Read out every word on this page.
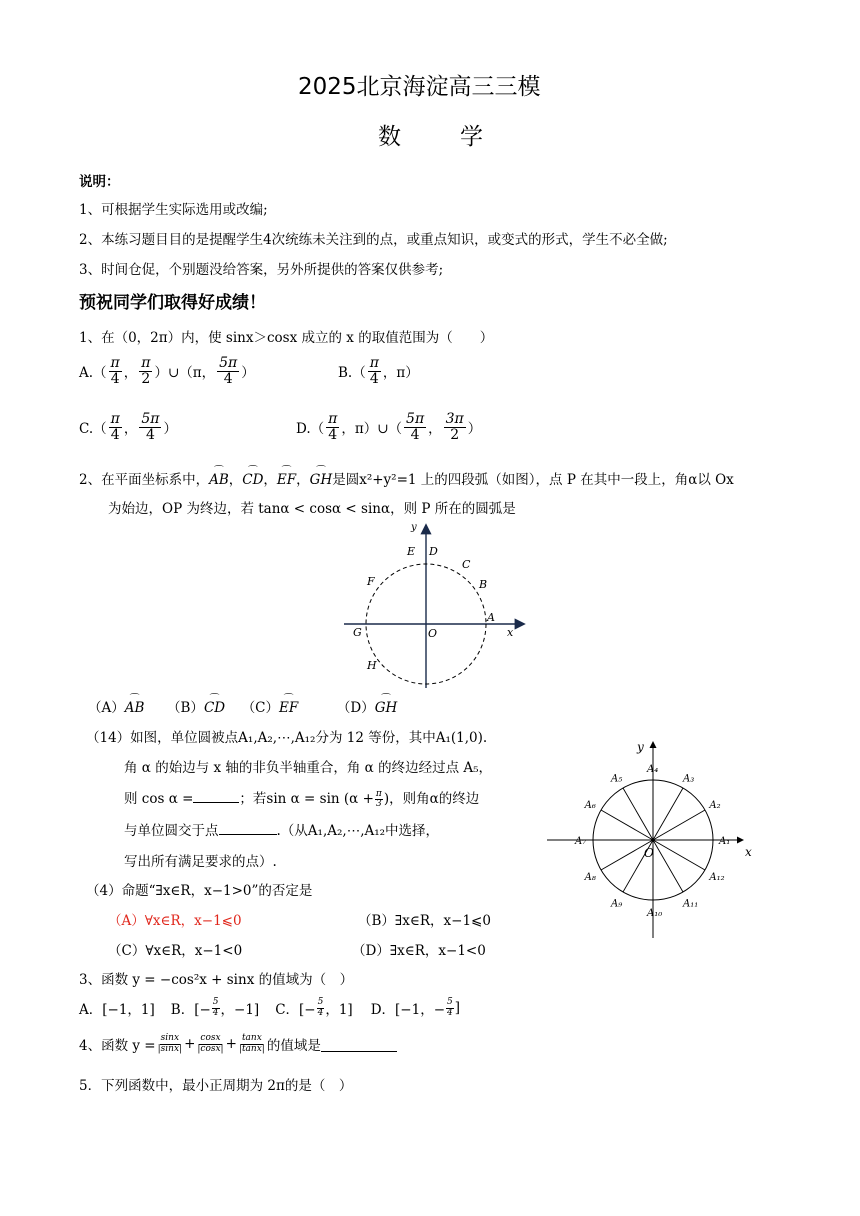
2025北京海淀高三三模
数	学
说明：
1、可根据学生实际选用或改编;
2、本练习题目目的是提醒学生4次统练未关注到的点，或重点知识，或变式的形式，学生不必全做;
3、时间仓促，个别题没给答案，另外所提供的答案仅供参考;
预祝同学们取得好成绩！
1、在（0，2π）内，使 sinx＞cosx 成立的 x 的取值范围为（　　）
$A.( \frac{\pi}{4}$ ， $\frac{\pi}{2}$ ） ∪（π， $\frac{5\pi}{4}$ ）	$B.( \frac{\pi}{4}$ ，π）
$C.( \frac{\pi}{4}$ ， $\frac{5\pi}{4}$ ）	$D.( \frac{\pi}{4}$ ，π）∪（ $\frac{5\pi}{4}$ ， $\frac{3\pi}{2}$ ）
2、在平面坐标系中，⌒ AB，⌒ CD，⌒ EF，⌒ GH是圆x²+y²=1 上的四段弧（如图），点 P 在其中一段上，角α以 Ox
为始边，OP 为终边，若 tanα < cosα < sinα，则 P 所在的圆弧是
y
x
O
A
B
C
D
E
F
G
H
（A）⌒ AB （B）⌒ CD （C）⌒ EF	（D）⌒ GH
（14）如图，单位圆被点A₁,A₂,⋯,A₁₂分为 12 等份，其中A₁(1,0).
角 α 的始边与 x 轴的非负半轴重合，角 α 的终边经过点 A₅，
则 cos α =	；若$\sin \alpha = \sin (\alpha + \frac{\pi}{3}$ )，则角α的终边
与单位圆交于点	.（从A₁,A₂,⋯,A₁₂中选择，
写出所有满足要求的点）.
A₁
A₂
A₃
A₄
A₅
A₆
A₇
A₈
A₉
A₁₀
A₁₁
A₁₂
y
x
O
（4）命题“∃x∈R，x−1>0”的否定是
（A）∀x∈R，x−1⩽0	（B）∃x∈R，x−1⩽0
（C）∀x∈R，x−1<0	（D）∃x∈R，x−1<0
3、函数 y = −cos²x + sinx 的值域为（　）
A．[−1，1] B．[− $\frac{5}{4}$ ，−1] C．[− $\frac{5}{4}$ ，1] D．[−1，− $\frac{5}{4}$ ]
4、函数 $y = \frac{\sin x}{|\sin x|} + \frac{\cos x}{|\cos x|} + \frac{\tan x}{|\tan x|}$ 的值域是
5．下列函数中，最小正周期为 2π的是（　）
